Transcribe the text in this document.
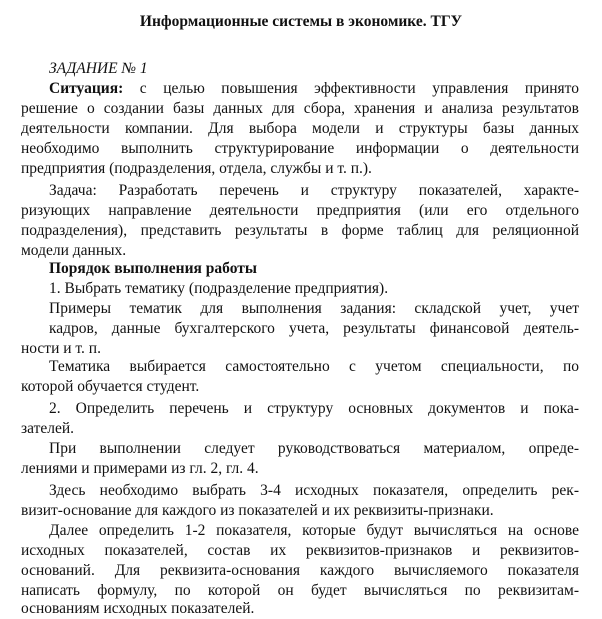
Информационные системы в экономике. ТГУ
ЗАДАНИЕ № 1
Ситуация: с целью повышения эффективности управления принято
решение о создании базы данных для сбора, хранения и анализа результатов
деятельности компании. Для выбора модели и структуры базы данных
необходимо выполнить структурирование информации о деятельности
предприятия (подразделения, отдела, службы и т. п.).
Задача: Разработать перечень и структуру показателей, характе-
ризующих направление деятельности предприятия (или его отдельного
подразделения), представить результаты в форме таблиц для реляционной
модели данных.
Порядок выполнения работы
1. Выбрать тематику (подразделение предприятия).
Примеры тематик для выполнения задания: складской учет, учет
кадров, данные бухгалтерского учета, результаты финансовой деятель-
ности и т. п.
Тематика выбирается самостоятельно с учетом специальности, по
которой обучается студент.
2. Определить перечень и структуру основных документов и пока-
зателей.
При выполнении следует руководствоваться материалом, опреде-
лениями и примерами из гл. 2, гл. 4.
Здесь необходимо выбрать 3-4 исходных показателя, определить рек-
визит-основание для каждого из показателей и их реквизиты-признаки.
Далее определить 1-2 показателя, которые будут вычисляться на основе
исходных показателей, состав их реквизитов-признаков и реквизитов-
оснований. Для реквизита-основания каждого вычисляемого показателя
написать формулу, по которой он будет вычисляться по реквизитам-
основаниям исходных показателей.
